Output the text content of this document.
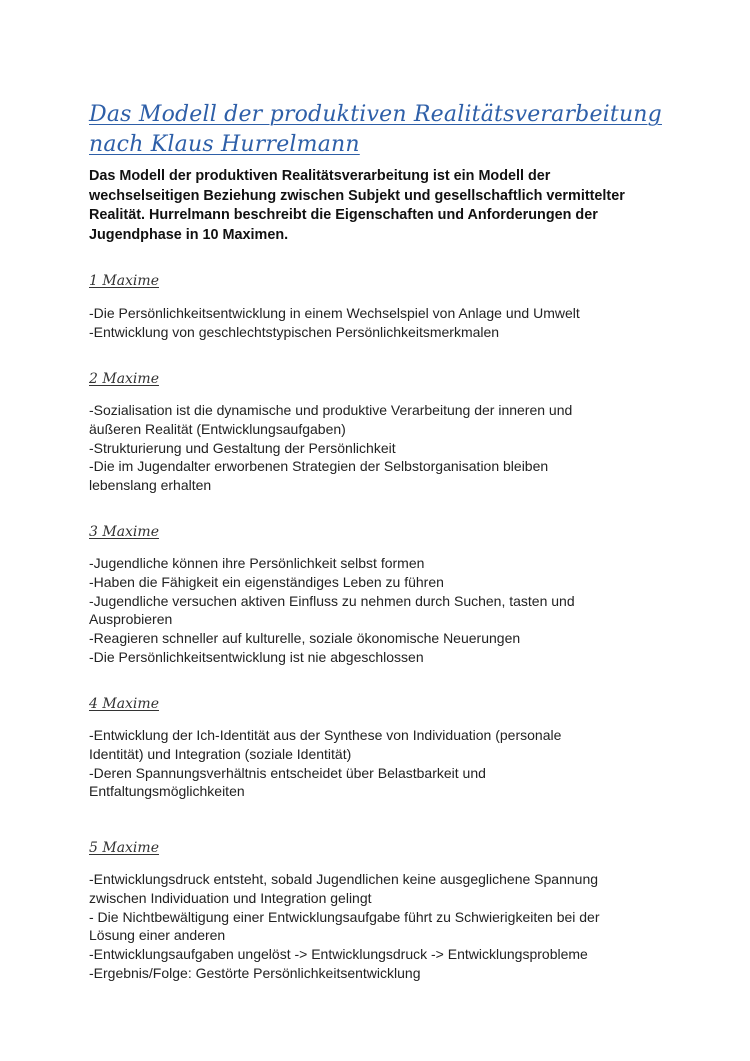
Das Modell der produktiven Realitätsverarbeitung
nach Klaus Hurrelmann
Das Modell der produktiven Realitätsverarbeitung ist ein Modell der
wechselseitigen Beziehung zwischen Subjekt und gesellschaftlich vermittelter
Realität. Hurrelmann beschreibt die Eigenschaften und Anforderungen der
Jugendphase in 10 Maximen.
1 Maxime
-Die Persönlichkeitsentwicklung in einem Wechselspiel von Anlage und Umwelt
-Entwicklung von geschlechtstypischen Persönlichkeitsmerkmalen
2 Maxime
-Sozialisation ist die dynamische und produktive Verarbeitung der inneren und
äußeren Realität (Entwicklungsaufgaben)
-Strukturierung und Gestaltung der Persönlichkeit
-Die im Jugendalter erworbenen Strategien der Selbstorganisation bleiben
lebenslang erhalten
3 Maxime
-Jugendliche können ihre Persönlichkeit selbst formen
-Haben die Fähigkeit ein eigenständiges Leben zu führen
-Jugendliche versuchen aktiven Einfluss zu nehmen durch Suchen, tasten und
Ausprobieren
-Reagieren schneller auf kulturelle, soziale ökonomische Neuerungen
-Die Persönlichkeitsentwicklung ist nie abgeschlossen
4 Maxime
-Entwicklung der Ich-Identität aus der Synthese von Individuation (personale
Identität) und Integration (soziale Identität)
-Deren Spannungsverhältnis entscheidet über Belastbarkeit und
Entfaltungsmöglichkeiten
5 Maxime
-Entwicklungsdruck entsteht, sobald Jugendlichen keine ausgeglichene Spannung
zwischen Individuation und Integration gelingt
- Die Nichtbewältigung einer Entwicklungsaufgabe führt zu Schwierigkeiten bei der
Lösung einer anderen
-Entwicklungsaufgaben ungelöst -> Entwicklungsdruck -> Entwicklungsprobleme
-Ergebnis/Folge: Gestörte Persönlichkeitsentwicklung
